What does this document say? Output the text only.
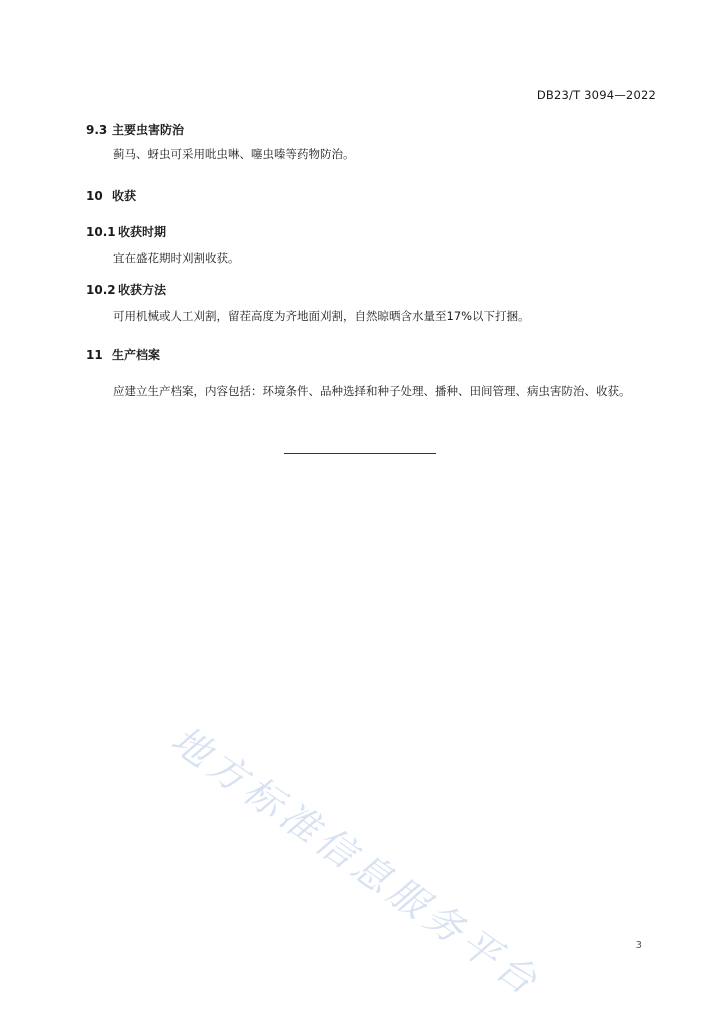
DB23/T 3094—2022
9.3 主要虫害防治
蓟马、蚜虫可采用吡虫啉、噻虫嗪等药物防治。
10 收获
10.1 收获时期
宜在盛花期时刈割收获。
10.2 收获方法
可用机械或人工刈割，留茬高度为齐地面刈割，自然晾晒含水量至17%以下打捆。
11 生产档案
应建立生产档案，内容包括：环境条件、品种选择和种子处理、播种、田间管理、病虫害防治、收获。
地方标准信息服务平台	3
